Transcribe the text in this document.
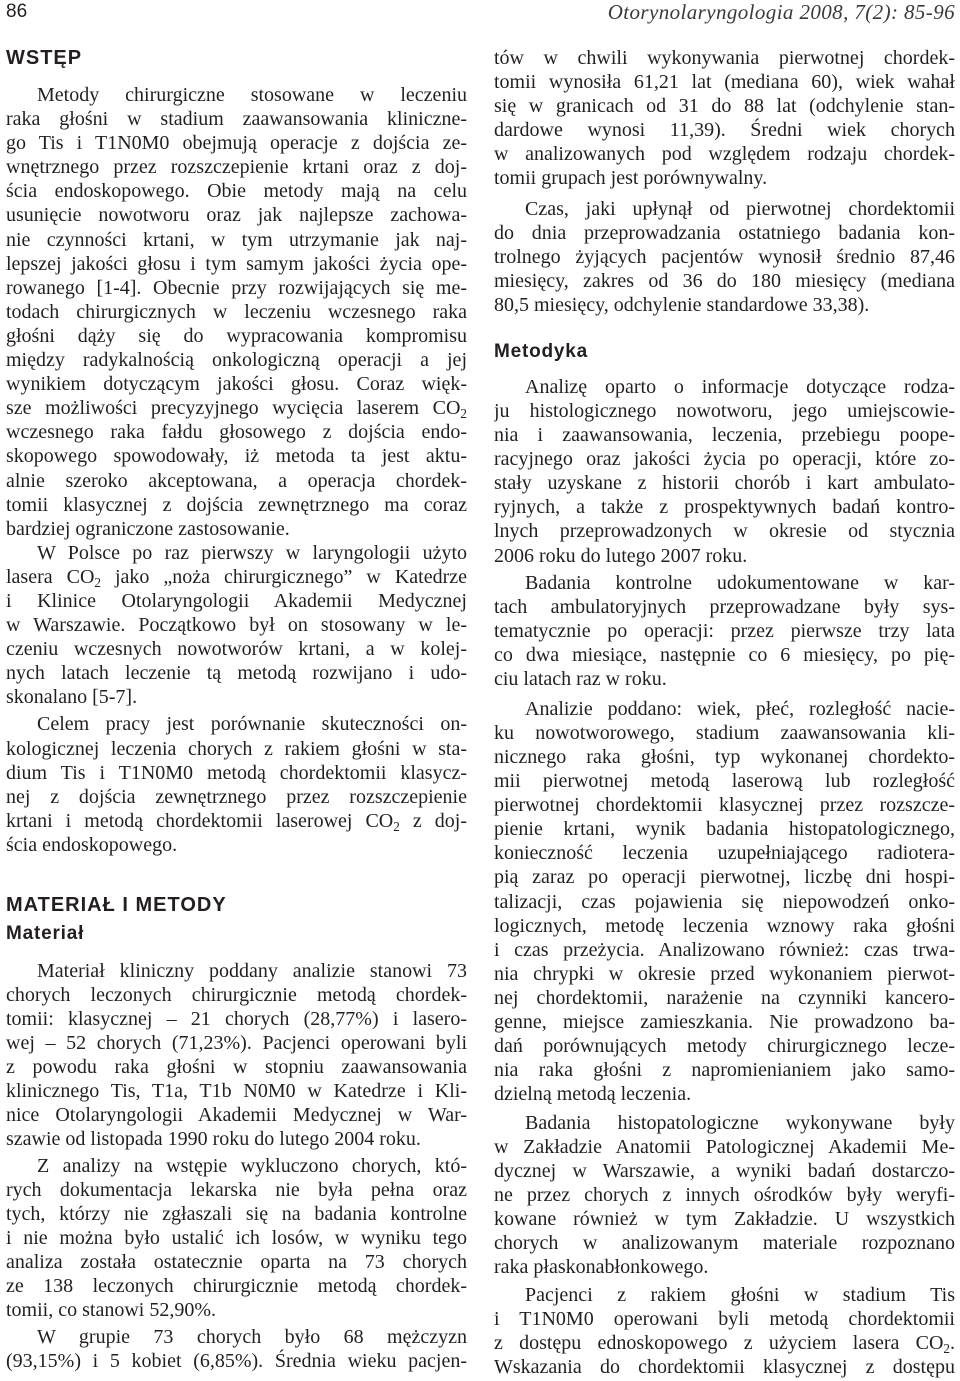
86	Otorynolaryngologia 2008, 7(2): 85-96
WSTĘP
Metody chirurgiczne stosowane w leczeniu
raka głośni w stadium zaawansowania kliniczne-
go Tis i T1N0M0 obejmują operacje z dojścia ze-
wnętrznego przez rozszczepienie krtani oraz z doj-
ścia endoskopowego. Obie metody mają na celu
usunięcie nowotworu oraz jak najlepsze zachowa-
nie czynności krtani, w tym utrzymanie jak naj-
lepszej jakości głosu i tym samym jakości życia ope-
rowanego [1-4]. Obecnie przy rozwijających się me-
todach chirurgicznych w leczeniu wczesnego raka
głośni dąży się do wypracowania kompromisu
między radykalnością onkologiczną operacji a jej
wynikiem dotyczącym jakości głosu. Coraz więk-
sze możliwości precyzyjnego wycięcia laserem $CO_2$
wczesnego raka fałdu głosowego z dojścia endo-
skopowego spowodowały, iż metoda ta jest aktu-
alnie szeroko akceptowana, a operacja chordek-
tomii klasycznej z dojścia zewnętrznego ma coraz
bardziej ograniczone zastosowanie.
W Polsce po raz pierwszy w laryngologii użyto
lasera $CO_2$ jako „noża chirurgicznego” w Katedrze
i Klinice Otolaryngologii Akademii Medycznej
w Warszawie. Początkowo był on stosowany w le-
czeniu wczesnych nowotworów krtani, a w kolej-
nych latach leczenie tą metodą rozwijano i udo-
skonalano [5-7].
Celem pracy jest porównanie skuteczności on-
kologicznej leczenia chorych z rakiem głośni w sta-
dium Tis i T1N0M0 metodą chordektomii klasycz-
nej z dojścia zewnętrznego przez rozszczepienie
krtani i metodą chordektomii laserowej $CO_2$ z doj-
ścia endoskopowego.
MATERIAŁ I METODY
Materiał
Materiał kliniczny poddany analizie stanowi 73
chorych leczonych chirurgicznie metodą chordek-
tomii: klasycznej – 21 chorych (28,77%) i lasero-
wej – 52 chorych (71,23%). Pacjenci operowani byli
z powodu raka głośni w stopniu zaawansowania
klinicznego Tis, T1a, T1b N0M0 w Katedrze i Kli-
nice Otolaryngologii Akademii Medycznej w War-
szawie od listopada 1990 roku do lutego 2004 roku.
Z analizy na wstępie wykluczono chorych, któ-
rych dokumentacja lekarska nie była pełna oraz
tych, którzy nie zgłaszali się na badania kontrolne
i nie można było ustalić ich losów, w wyniku tego
analiza została ostatecznie oparta na 73 chorych
ze 138 leczonych chirurgicznie metodą chordek-
tomii, co stanowi 52,90%.
W grupie 73 chorych było 68 mężczyzn
(93,15%) i 5 kobiet (6,85%). Średnia wieku pacjen-
tów w chwili wykonywania pierwotnej chordek-
tomii wynosiła 61,21 lat (mediana 60), wiek wahał
się w granicach od 31 do 88 lat (odchylenie stan-
dardowe wynosi 11,39). Średni wiek chorych
w analizowanych pod względem rodzaju chordek-
tomii grupach jest porównywalny.
Czas, jaki upłynął od pierwotnej chordektomii
do dnia przeprowadzania ostatniego badania kon-
trolnego żyjących pacjentów wynosił średnio 87,46
miesięcy, zakres od 36 do 180 miesięcy (mediana
80,5 miesięcy, odchylenie standardowe 33,38).
Metodyka
Analizę oparto o informacje dotyczące rodza-
ju histologicznego nowotworu, jego umiejscowie-
nia i zaawansowania, leczenia, przebiegu poope-
racyjnego oraz jakości życia po operacji, które zo-
stały uzyskane z historii chorób i kart ambulato-
ryjnych, a także z prospektywnych badań kontro-
lnych przeprowadzonych w okresie od stycznia
2006 roku do lutego 2007 roku.
Badania kontrolne udokumentowane w kar-
tach ambulatoryjnych przeprowadzane były sys-
tematycznie po operacji: przez pierwsze trzy lata
co dwa miesiące, następnie co 6 miesięcy, po pię-
ciu latach raz w roku.
Analizie poddano: wiek, płeć, rozległość nacie-
ku nowotworowego, stadium zaawansowania kli-
nicznego raka głośni, typ wykonanej chordekto-
mii pierwotnej metodą laserową lub rozległość
pierwotnej chordektomii klasycznej przez rozszcze-
pienie krtani, wynik badania histopatologicznego,
konieczność leczenia uzupełniającego radiotera-
pią zaraz po operacji pierwotnej, liczbę dni hospi-
talizacji, czas pojawienia się niepowodzeń onko-
logicznych, metodę leczenia wznowy raka głośni
i czas przeżycia. Analizowano również: czas trwa-
nia chrypki w okresie przed wykonaniem pierwot-
nej chordektomii, narażenie na czynniki kancero-
genne, miejsce zamieszkania. Nie prowadzono ba-
dań porównujących metody chirurgicznego lecze-
nia raka głośni z napromienianiem jako samo-
dzielną metodą leczenia.
Badania histopatologiczne wykonywane były
w Zakładzie Anatomii Patologicznej Akademii Me-
dycznej w Warszawie, a wyniki badań dostarczo-
ne przez chorych z innych ośrodków były weryfi-
kowane również w tym Zakładzie. U wszystkich
chorych w analizowanym materiale rozpoznano
raka płaskonabłonkowego.
Pacjenci z rakiem głośni w stadium Tis
i T1N0M0 operowani byli metodą chordektomii
z dostępu ednoskopowego z użyciem lasera $CO_2$.
Wskazania do chordektomii klasycznej z dostępu
